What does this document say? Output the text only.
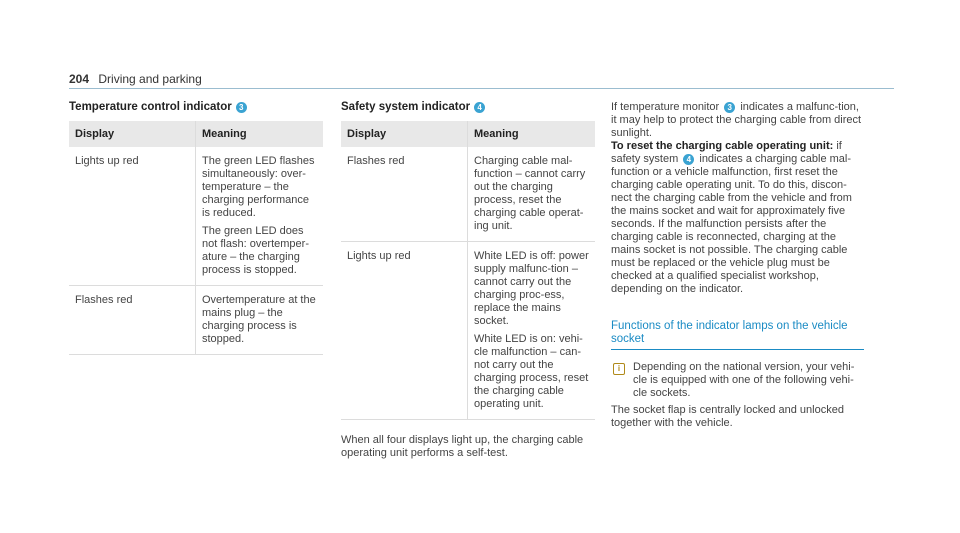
204 Driving and parking
Temperature control indicator 3
Display	Meaning
Lights up red	The green LED flashes simultaneously: over-temperature – the charging performance is reduced.

The green LED does not flash: overtemper-ature – the charging process is stopped.

Flashes red	Overtemperature at the mains plug – the charging process is stopped.

Safety system indicator 4
Display	Meaning
Flashes red	Charging cable mal-function – cannot carry out the charging process, reset the charging cable operat-ing unit.

Lights up red	White LED is off: power supply malfunc-tion – cannot carry out the charging proc-ess, replace the mains socket.

White LED is on: vehi-cle malfunction – can-not carry out the charging process, reset the charging cable operating unit.

When all four displays light up, the charging cable operating unit performs a self-test.

If temperature monitor 3 indicates a malfunc-tion, it may help to protect the charging cable from direct sunlight.

To reset the charging cable operating unit: if safety system 4 indicates a charging cable mal-function or a vehicle malfunction, first reset the charging cable operating unit. To do this, discon-nect the charging cable from the vehicle and from the mains socket and wait for approximately five seconds. If the malfunction persists after the charging cable is reconnected, charging at the mains socket is not possible. The charging cable must be replaced or the vehicle plug must be checked at a qualified specialist workshop, depending on the indicator.

Functions of the indicator lamps on the vehicle socket
i	Depending on the national version, your vehi-cle is equipped with one of the following vehi-cle sockets.

The socket flap is centrally locked and unlocked together with the vehicle.
